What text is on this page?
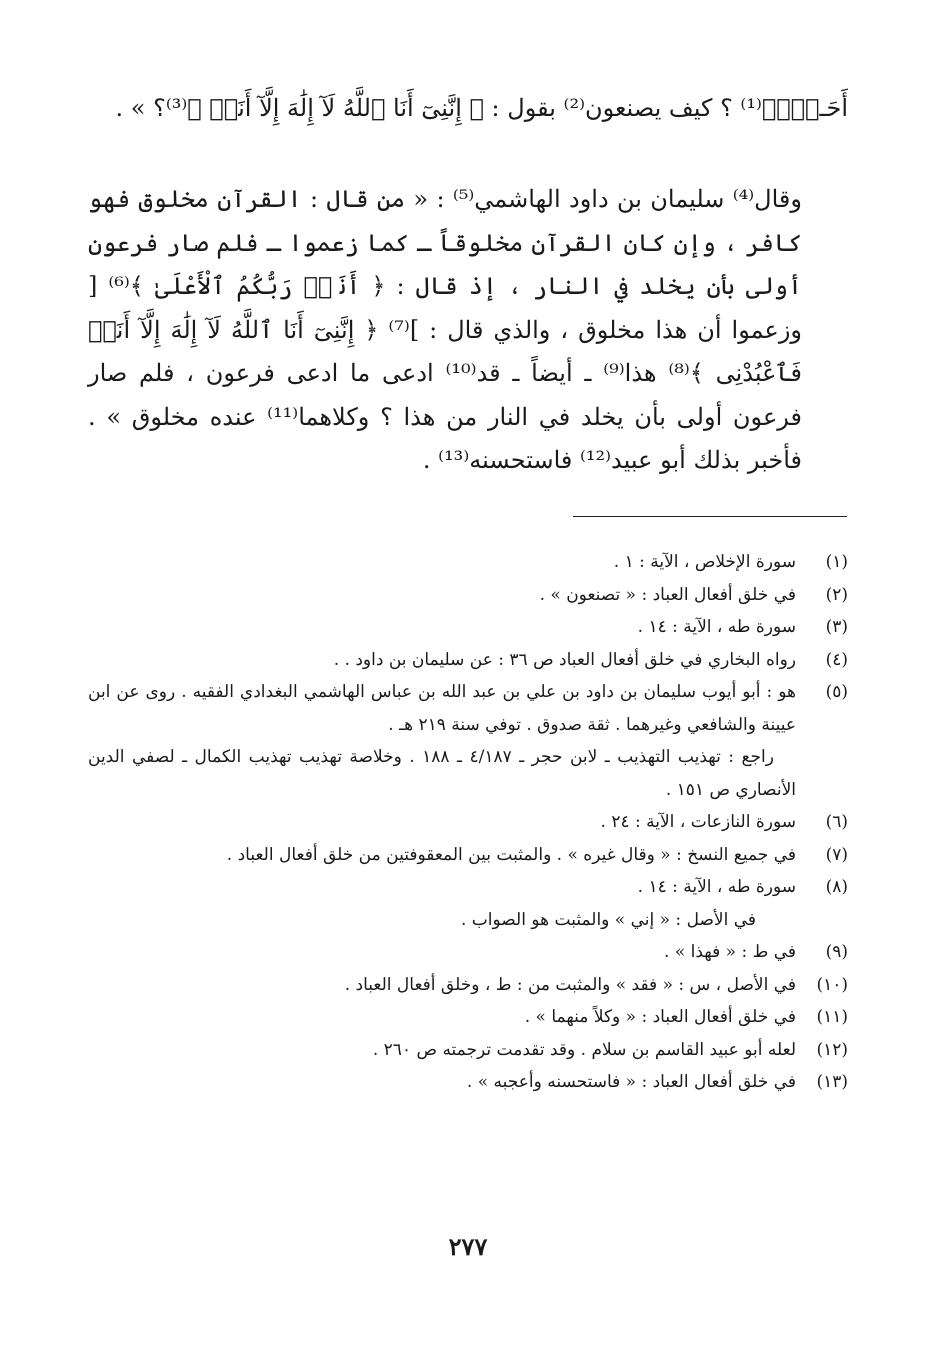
أَحَـدُۢ﴾⁽¹⁾ ؟ كيف يصنعون⁽²⁾ بقول : ﴿ إِنَّنِىٓ أَنَا ٱللَّهُ لَآ إِلَٰهَ إِلَّآ أَنَا۠ ﴾⁽³⁾؟ » .

وقال⁽⁴⁾ سليمان بن داود الهاشمي⁽⁵⁾ : « من قال : القرآن مخلوق فهو كافر ، وإن كان القرآن مخلوقاً ـ كما زعموا ـ فلم صار فرعون أولى بأن يخلد في النار ، إذ قال : ﴿ أَنَا۠ رَبُّكُمُ ٱلْأَعْلَىٰ ﴾⁽⁶⁾ [ وزعموا أن هذا مخلوق ، والذي قال : ]⁽⁷⁾ ﴿ إِنَّنِىٓ أَنَا ٱللَّهُ لَآ إِلَٰهَ إِلَّآ أَنَا۠ فَٱعْبُدْنِى ﴾⁽⁸⁾ هذا⁽⁹⁾ ـ أيضاً ـ قد⁽¹⁰⁾ ادعى ما ادعى فرعون ، فلم صار فرعون أولى بأن يخلد في النار من هذا ؟ وكلاهما⁽¹¹⁾ عنده مخلوق » . فأخبر بذلك أبو عبيد⁽¹²⁾ فاستحسنه⁽¹³⁾ .

(١)
سورة الإخلاص ، الآية : ١ .
(٢)
في خلق أفعال العباد : « تصنعون » .
(٣)
سورة طه ، الآية : ١٤ .
(٤)
رواه البخاري في خلق أفعال العباد ص ٣٦ : عن سليمان بن داود . .
(٥)
هو : أبو أيوب سليمان بن داود بن علي بن عبد الله بن عباس الهاشمي البغدادي الفقيه . روى عن ابن عيينة والشافعي وغيرهما . ثقة صدوق . توفي سنة ٢١٩ هـ .
راجع : تهذيب التهذيب ـ لابن حجر ـ ٤/١٨٧ ـ ١٨٨ . وخلاصة تهذيب تهذيب الكمال ـ لصفي الدين الأنصاري ص ١٥١ .
(٦)
سورة النازعات ، الآية : ٢٤ .
(٧)
في جميع النسخ : « وقال غيره » . والمثبت بين المعقوفتين من خلق أفعال العباد .
(٨)
سورة طه ، الآية : ١٤ .
في الأصل : « إني » والمثبت هو الصواب .
(٩)
في ط : « فهذا » .
(١٠)
في الأصل ، س : « فقد » والمثبت من : ط ، وخلق أفعال العباد .
(١١)
في خلق أفعال العباد : « وكلاً منهما » .
(١٢)
لعله أبو عبيد القاسم بن سلام . وقد تقدمت ترجمته ص ٢٦٠ .
(١٣)
في خلق أفعال العباد : « فاستحسنه وأعجبه » .
٢٧٧
